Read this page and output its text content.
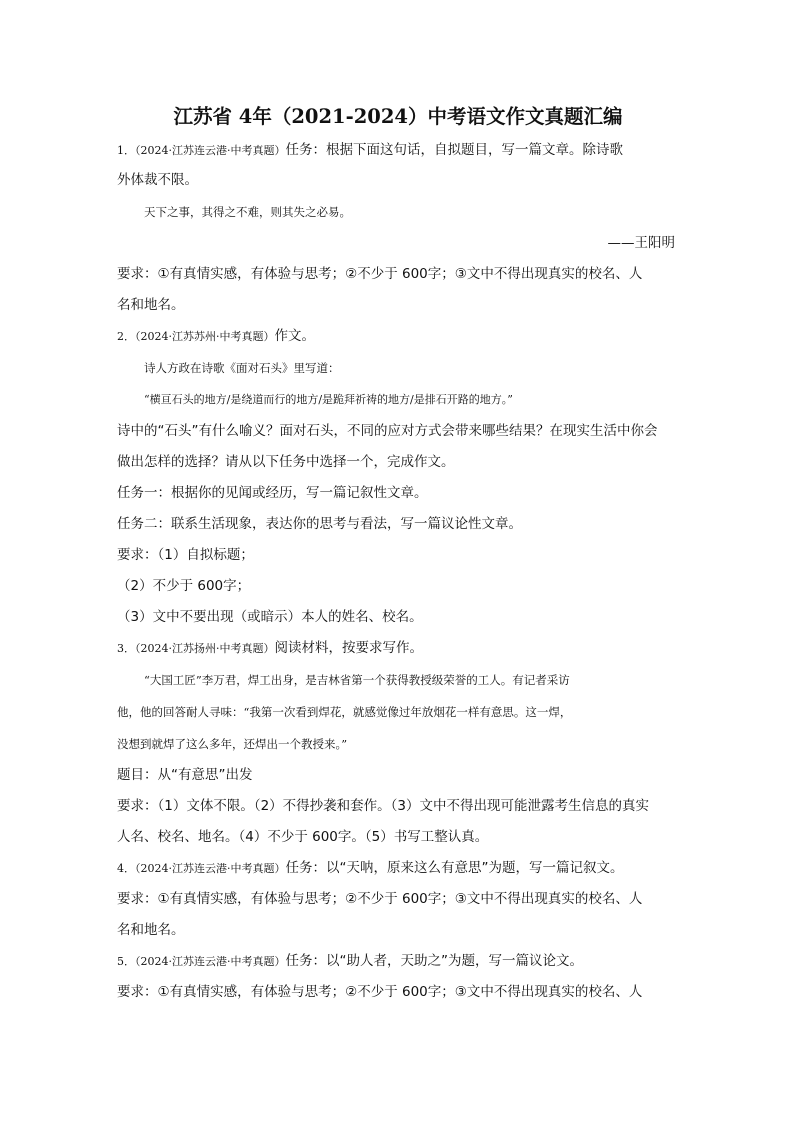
江苏省 4年（2021-2024）中考语文作文真题汇编
1．（2024·江苏连云港·中考真题）任务：根据下面这句话，自拟题目，写一篇文章。除诗歌
外体裁不限。
天下之事，其得之不难，则其失之必易。
——王阳明
要求：①有真情实感，有体验与思考；②不少于 600字；③文中不得出现真实的校名、人
名和地名。
2．（2024·江苏苏州·中考真题）作文。
诗人方政在诗歌《面对石头》里写道：
“横亘石头的地方/是绕道而行的地方/是跪拜祈祷的地方/是排石开路的地方。”
诗中的“石头”有什么喻义？面对石头，不同的应对方式会带来哪些结果？在现实生活中你会
做出怎样的选择？请从以下任务中选择一个，完成作文。
任务一：根据你的见闻或经历，写一篇记叙性文章。
任务二：联系生活现象，表达你的思考与看法，写一篇议论性文章。
要求：（1）自拟标题；
（2）不少于 600字；
（3）文中不要出现（或暗示）本人的姓名、校名。
3．（2024·江苏扬州·中考真题）阅读材料，按要求写作。
“大国工匠”李万君，焊工出身，是吉林省第一个获得教授级荣誉的工人。有记者采访
他，他的回答耐人寻味：“我第一次看到焊花，就感觉像过年放烟花一样有意思。这一焊，
没想到就焊了这么多年，还焊出一个教授来。”
题目：从“有意思”出发
要求：（1）文体不限。（2）不得抄袭和套作。（3）文中不得出现可能泄露考生信息的真实
人名、校名、地名。（4）不少于 600字。（5）书写工整认真。
4．（2024·江苏连云港·中考真题）任务：以“天呐，原来这么有意思”为题，写一篇记叙文。
要求：①有真情实感，有体验与思考；②不少于 600字；③文中不得出现真实的校名、人
名和地名。
5．（2024·江苏连云港·中考真题）任务：以“助人者，天助之”为题，写一篇议论文。
要求：①有真情实感，有体验与思考；②不少于 600字；③文中不得出现真实的校名、人
